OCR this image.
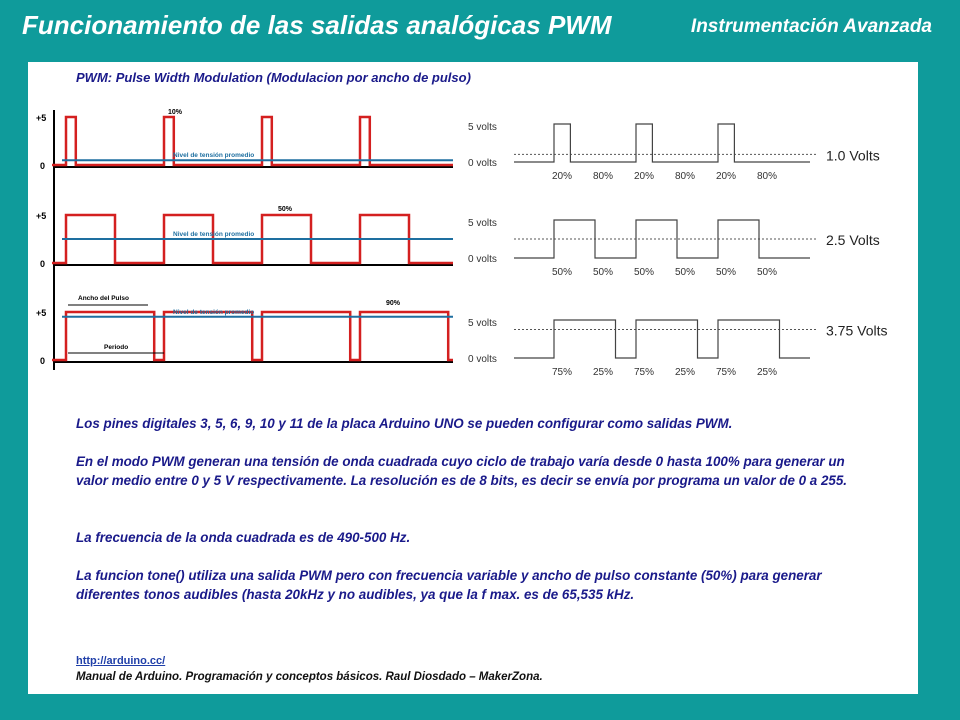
Funcionamiento de las salidas analógicas PWM	Instrumentación Avanzada
PWM: Pulse Width Modulation (Modulacion por ancho de pulso)
+5
0
Nivel de tensión promedio
+5
0
Nivel de tensión promedio
+5
0
Nivel de tensión promedio
10%
50%
90%
Ancho del Pulso
Periodo
5 volts
0 volts
20% 80% 20% 80% 20% 80%
1.0 Volts
5 volts
0 volts
50% 50% 50% 50% 50% 50%
2.5 Volts
5 volts
0 volts
75% 25% 75% 25% 75% 25%
3.75 Volts

Los pines digitales 3, 5, 6, 9, 10 y 11 de la placa Arduino UNO se pueden configurar como salidas PWM.

En el modo PWM generan una tensión de onda cuadrada cuyo ciclo de trabajo varía desde 0 hasta 100% para generar un valor medio entre 0 y 5 V respectivamente. La resolución es de 8 bits, es decir se envía por programa un valor de 0 a 255.

La frecuencia de la onda cuadrada es de 490-500 Hz.

La funcion tone() utiliza una salida PWM pero con frecuencia variable y ancho de pulso constante (50%) para generar diferentes tonos audibles (hasta 20kHz y no audibles, ya que la f max. es de 65,535 kHz.

http://arduino.cc/
Manual de Arduino. Programación y conceptos básicos. Raul Diosdado – MakerZona.
